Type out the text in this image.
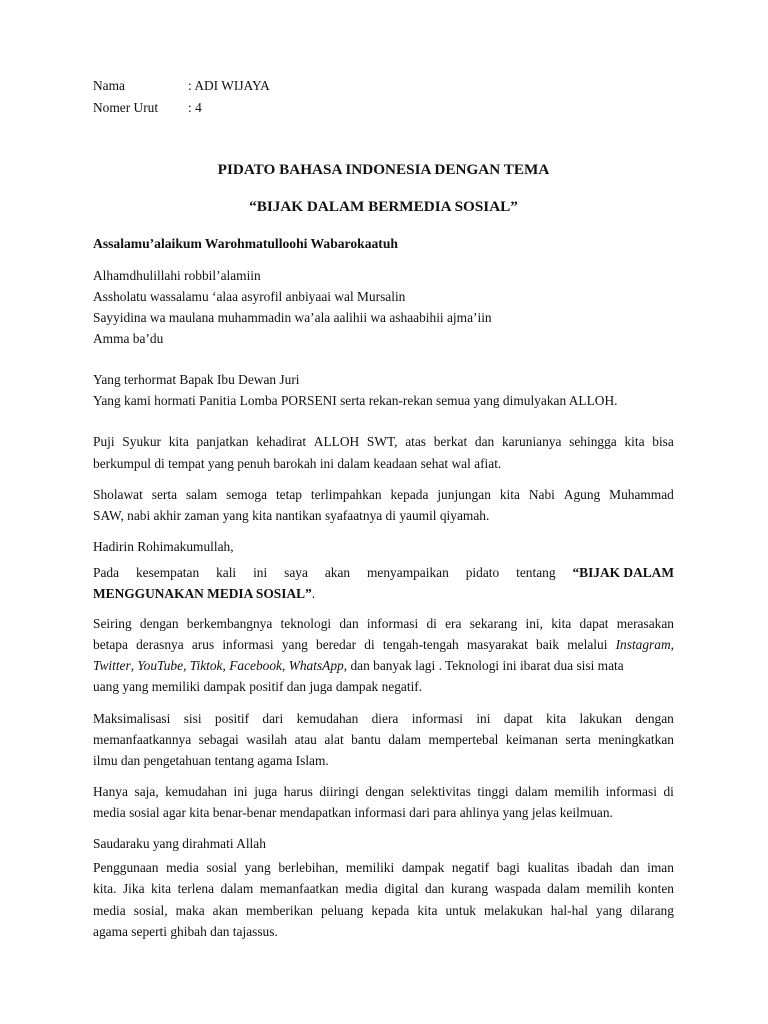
Nama	: ADI WIJAYA
Nomer Urut : 4
PIDATO BAHASA INDONESIA DENGAN TEMA
“BIJAK DALAM BERMEDIA SOSIAL”
Assalamu’alaikum Warohmatulloohi Wabarokaatuh
Alhamdhulillahi robbil’alamiin
Assholatu wassalamu ‘alaa asyrofil anbiyaai wal Mursalin
Sayyidina wa maulana muhammadin wa’ala aalihii wa ashaabihii ajma’iin
Amma ba’du
Yang terhormat Bapak Ibu Dewan Juri
Yang kami hormati Panitia Lomba PORSENI serta rekan-rekan semua yang dimulyakan ALLOH.
Puji Syukur kita panjatkan kehadirat ALLOH SWT, atas berkat dan karunianya sehingga kita bisa
berkumpul di tempat yang penuh barokah ini dalam keadaan sehat wal afiat.
Sholawat serta salam semoga tetap terlimpahkan kepada junjungan kita Nabi Agung Muhammad
SAW, nabi akhir zaman yang kita nantikan syafaatnya di yaumil qiyamah.
Hadirin Rohimakumullah,
Pada kesempatan kali ini saya akan menyampaikan pidato tentang “BIJAK DALAM
MENGGUNAKAN MEDIA SOSIAL”.
Seiring dengan berkembangnya teknologi dan informasi di era sekarang ini, kita dapat merasakan
betapa derasnya arus informasi yang beredar di tengah-tengah masyarakat baik melalui Instagram,
Twitter, YouTube, Tiktok, Facebook, WhatsApp, dan banyak lagi . Teknologi ini ibarat dua sisi mata
uang yang memiliki dampak positif dan juga dampak negatif.
Maksimalisasi sisi positif dari kemudahan diera informasi ini dapat kita lakukan dengan
memanfaatkannya sebagai wasilah atau alat bantu dalam mempertebal keimanan serta meningkatkan
ilmu dan pengetahuan tentang agama Islam.
Hanya saja, kemudahan ini juga harus diiringi dengan selektivitas tinggi dalam memilih informasi di
media sosial agar kita benar-benar mendapatkan informasi dari para ahlinya yang jelas keilmuan.
Saudaraku yang dirahmati Allah
Penggunaan media sosial yang berlebihan, memiliki dampak negatif bagi kualitas ibadah dan iman
kita. Jika kita terlena dalam memanfaatkan media digital dan kurang waspada dalam memilih konten
media sosial, maka akan memberikan peluang kepada kita untuk melakukan hal-hal yang dilarang
agama seperti ghibah dan tajassus.
